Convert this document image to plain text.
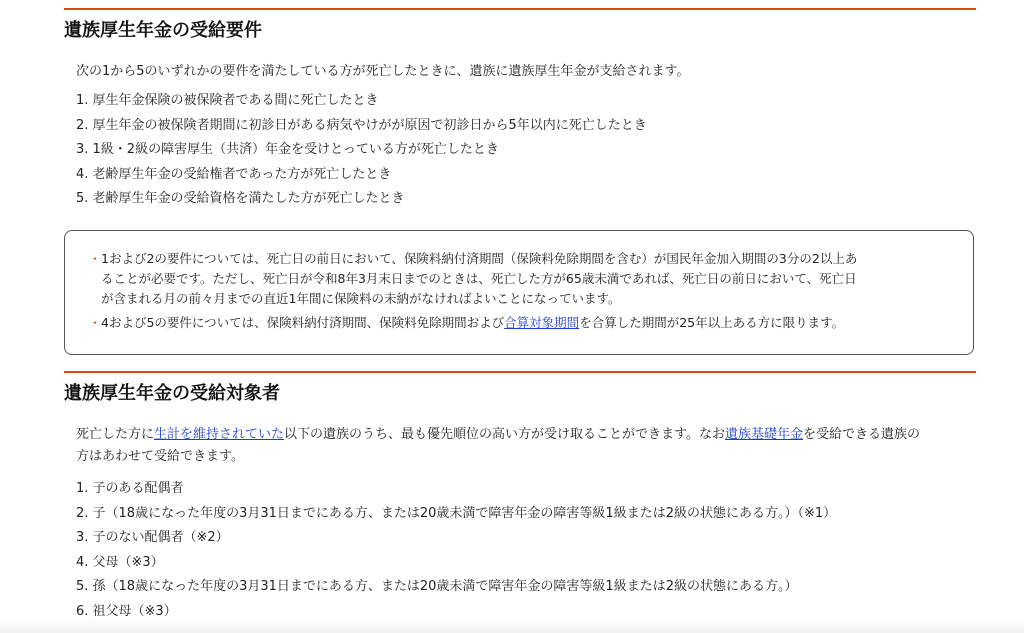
遺族厚生年金の受給要件

次の1から5のいずれかの要件を満たしている方が死亡したときに、遺族に遺族厚生年金が支給されます。

1. 厚生年金保険の被保険者である間に死亡したとき
2. 厚生年金の被保険者期間に初診日がある病気やけがが原因で初診日から5年以内に死亡したとき
3. 1級・2級の障害厚生（共済）年金を受けとっている方が死亡したとき
4. 老齢厚生年金の受給権者であった方が死亡したとき
5. 老齢厚生年金の受給資格を満たした方が死亡したとき
・ 1および2の要件については、死亡日の前日において、保険料納付済期間（保険料免除期間を含む）が国民年金加入期間の3分の2以上あ
ることが必要です。ただし、死亡日が令和8年3月末日までのときは、死亡した方が65歳未満であれば、死亡日の前日において、死亡日
が含まれる月の前々月までの直近1年間に保険料の未納がなければよいことになっています。
・ 4および5の要件については、保険料納付済期間、保険料免除期間および合算対象期間を合算した期間が25年以上ある方に限ります。
遺族厚生年金の受給対象者

死亡した方に生計を維持されていた以下の遺族のうち、最も優先順位の高い方が受け取ることができます。なお遺族基礎年金を受給できる遺族の
方はあわせて受給できます。

1. 子のある配偶者
2. 子（18歳になった年度の3月31日までにある方、または20歳未満で障害年金の障害等級1級または2級の状態にある方。）（※1）
3. 子のない配偶者（※2）
4. 父母（※3）
5. 孫（18歳になった年度の3月31日までにある方、または20歳未満で障害年金の障害等級1級または2級の状態にある方。）
6. 祖父母（※3）
